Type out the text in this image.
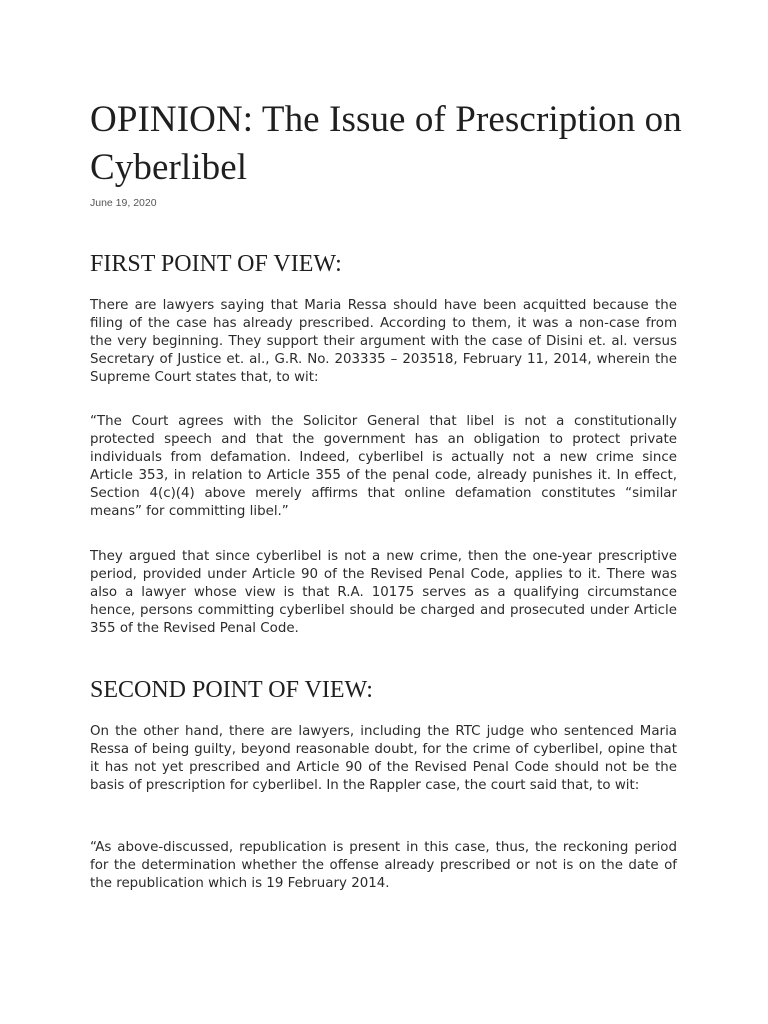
OPINION: The Issue of Prescription on Cyberlibel
June 19, 2020
FIRST POINT OF VIEW:

There are lawyers saying that Maria Ressa should have been acquitted because the filing of the case has already prescribed. According to them, it was a non-case from the very beginning. They support their argument with the case of Disini et. al. versus Secretary of Justice et. al., G.R. No. 203335 – 203518, February 11, 2014, wherein the Supreme Court states that, to wit:

“The Court agrees with the Solicitor General that libel is not a constitutionally protected speech and that the government has an obligation to protect private individuals from defamation. Indeed, cyberlibel is actually not a new crime since Article 353, in relation to Article 355 of the penal code, already punishes it. In effect, Section 4(c)(4) above merely affirms that online defamation constitutes “similar means” for committing libel.”

They argued that since cyberlibel is not a new crime, then the one-year prescriptive period, provided under Article 90 of the Revised Penal Code, applies to it. There was also a lawyer whose view is that R.A. 10175 serves as a qualifying circumstance hence, persons committing cyberlibel should be charged and prosecuted under Article 355 of the Revised Penal Code.

SECOND POINT OF VIEW:

On the other hand, there are lawyers, including the RTC judge who sentenced Maria Ressa of being guilty, beyond reasonable doubt, for the crime of cyberlibel, opine that it has not yet prescribed and Article 90 of the Revised Penal Code should not be the basis of prescription for cyberlibel. In the Rappler case, the court said that, to wit:

“As above-discussed, republication is present in this case, thus, the reckoning period for the determination whether the offense already prescribed or not is on the date of the republication which is 19 February 2014.
